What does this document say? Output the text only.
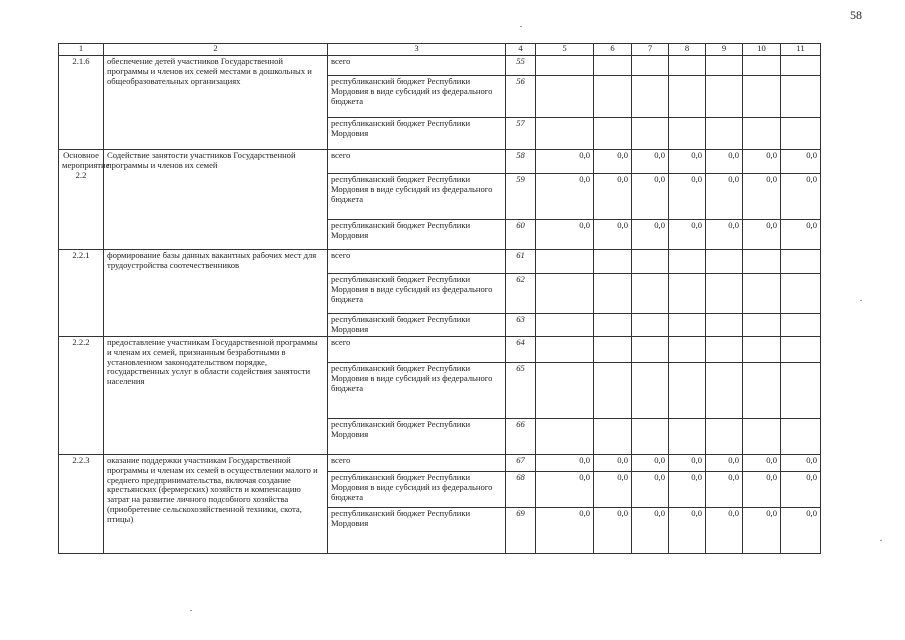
58
1	2	3	4	5	6	7	8	9	10	11
2.1.6	обеспечение детей участников Государственной программы и членов их семей местами в дошкольных и общеобразовательных организациях	всего	55							
		республиканский бюджет Республики Мордовия в виде субсидий из федерального бюджета	56							
		республиканский бюджет Республики Мордовия	57							
Основное мероприятие 2.2	Содействие занятости участников Государственной программы и членов их семей	всего	58	0,0	0,0	0,0	0,0	0,0	0,0	0,0
		республиканский бюджет Республики Мордовия в виде субсидий из федерального бюджета	59	0,0	0,0	0,0	0,0	0,0	0,0	0,0
		республиканский бюджет Республики Мордовия	60	0,0	0,0	0,0	0,0	0,0	0,0	0,0
2.2.1	формирование базы данных вакантных рабочих мест для трудоустройства соотечественников	всего	61							
		республиканский бюджет Республики Мордовия в виде субсидий из федерального бюджета	62							
		республиканский бюджет Республики Мордовия	63							
2.2.2	предоставление участникам Государственной программы и членам их семей, признанным безработными в установленном законодательством порядке, государственных услуг в области содействия занятости населения	всего	64							
		республиканский бюджет Республики Мордовия в виде субсидий из федерального бюджета	65							
		республиканский бюджет Республики Мордовия	66							
2.2.3	оказание поддержки участникам Государственной программы и членам их семей в осуществлении малого и среднего предпринимательства, включая создание крестьянских (фермерских) хозяйств и компенсацию затрат на развитие личного подсобного хозяйства (приобретение сельскохозяйственной техники, скота, птицы)	всего	67	0,0	0,0	0,0	0,0	0,0	0,0	0,0
		республиканский бюджет Республики Мордовия в виде субсидий из федерального бюджета	68	0,0	0,0	0,0	0,0	0,0	0,0	0,0
		республиканский бюджет Республики Мордовия	69	0,0	0,0	0,0	0,0	0,0	0,0	0,0
